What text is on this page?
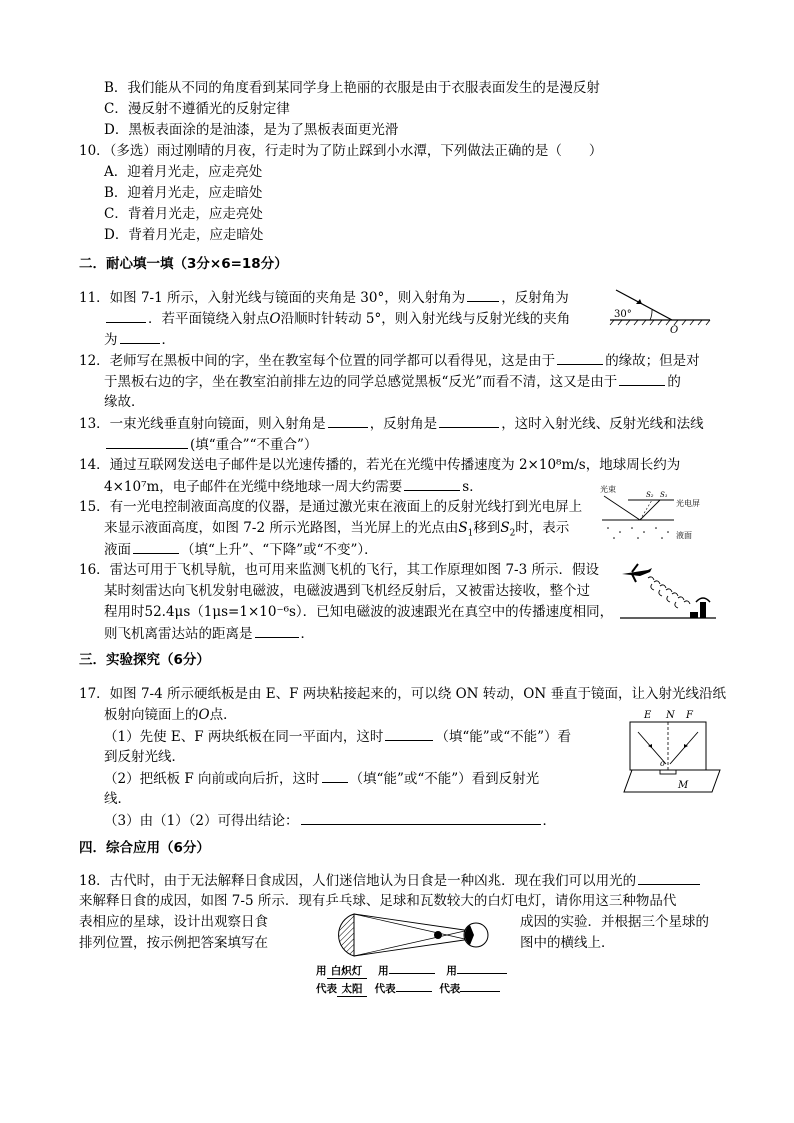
B．我们能从不同的角度看到某同学身上艳丽的衣服是由于衣服表面发生的是漫反射
C．漫反射不遵循光的反射定律
D．黑板表面涂的是油漆，是为了黑板表面更光滑
10．（多选）雨过刚晴的月夜，行走时为了防止踩到小水潭，下列做法正确的是（　　）
A．迎着月光走，应走亮处
B．迎着月光走，应走暗处
C．背着月光走，应走亮处
D．背着月光走，应走暗处
二．耐心填一填（3分×6=18分）
11．如图 7-1 所示，入射光线与镜面的夹角是 30°，则入射角为	，反射角为
．若平面镜绕入射点O沿顺时针转动 5°，则入射光线与反射光线的夹角
为	．
30°
O
12．老师写在黑板中间的字，坐在教室每个位置的同学都可以看得见，这是由于	的缘故；但是对
于黑板右边的字，坐在教室泊前排左边的同学总感觉黑板“反光”而看不清，这又是由于	的
缘故．
13．一束光线垂直射向镜面，则入射角是	，反射角是	，这时入射光线、反射光线和法线
(填“重合”“不重合”）
14．通过互联网发送电子邮件是以光速传播的，若光在光缆中传播速度为 2×10⁸m/s，地球周长约为
4×10⁷m，电子邮件在光缆中绕地球一周大约需要	s．
15．有一光电控制液面高度的仪器，是通过激光束在液面上的反射光线打到光电屏上
来显示液面高度，如图 7-2 所示光路图，当光屏上的光点由$S_1$移到$S_2$时，表示
液面	（填“上升”、“下降”或“不变”）．
光束
光电屏
液面
S₂ S₁
16．雷达可用于飞机导航，也可用来监测飞机的飞行，其工作原理如图 7-3 所示．假设
某时刻雷达向飞机发射电磁波，电磁波遇到飞机经反射后，又被雷达接收，整个过
程用时52.4μs（1μs=1×10⁻⁶s）．已知电磁波的波速跟光在真空中的传播速度相同，
则飞机离雷达站的距离是	．
三．实验探究（6分）
17．如图 7-4 所示硬纸板是由 E、F 两块粘接起来的，可以绕 ON 转动，ON 垂直于镜面，让入射光线沿纸
板射向镜面上的O点．
（1）先使 E、F 两块纸板在同一平面内，这时	（填“能”或“不能”）看
到反射光线．
（2）把纸板 F 向前或向后折，这时 （填“能”或“不能”）看到反射光
线．
（3）由（1）（2）可得出结论：	．
E N F
o
M
四．综合应用（6分）
18．古代时，由于无法解释日食成因，人们迷信地认为日食是一种凶兆．现在我们可以用光的
来解释日食的成因，如图 7-5 所示．现有乒乓球、足球和瓦数较大的白灯电灯，请你用这三种物品代
表相应的星球，设计出观察日食	成因的实验．并根据三个星球的
排列位置，按示例把答案填写在	图中的横线上．
用 白炽灯 用	用
代表 太阳 代表	代表
